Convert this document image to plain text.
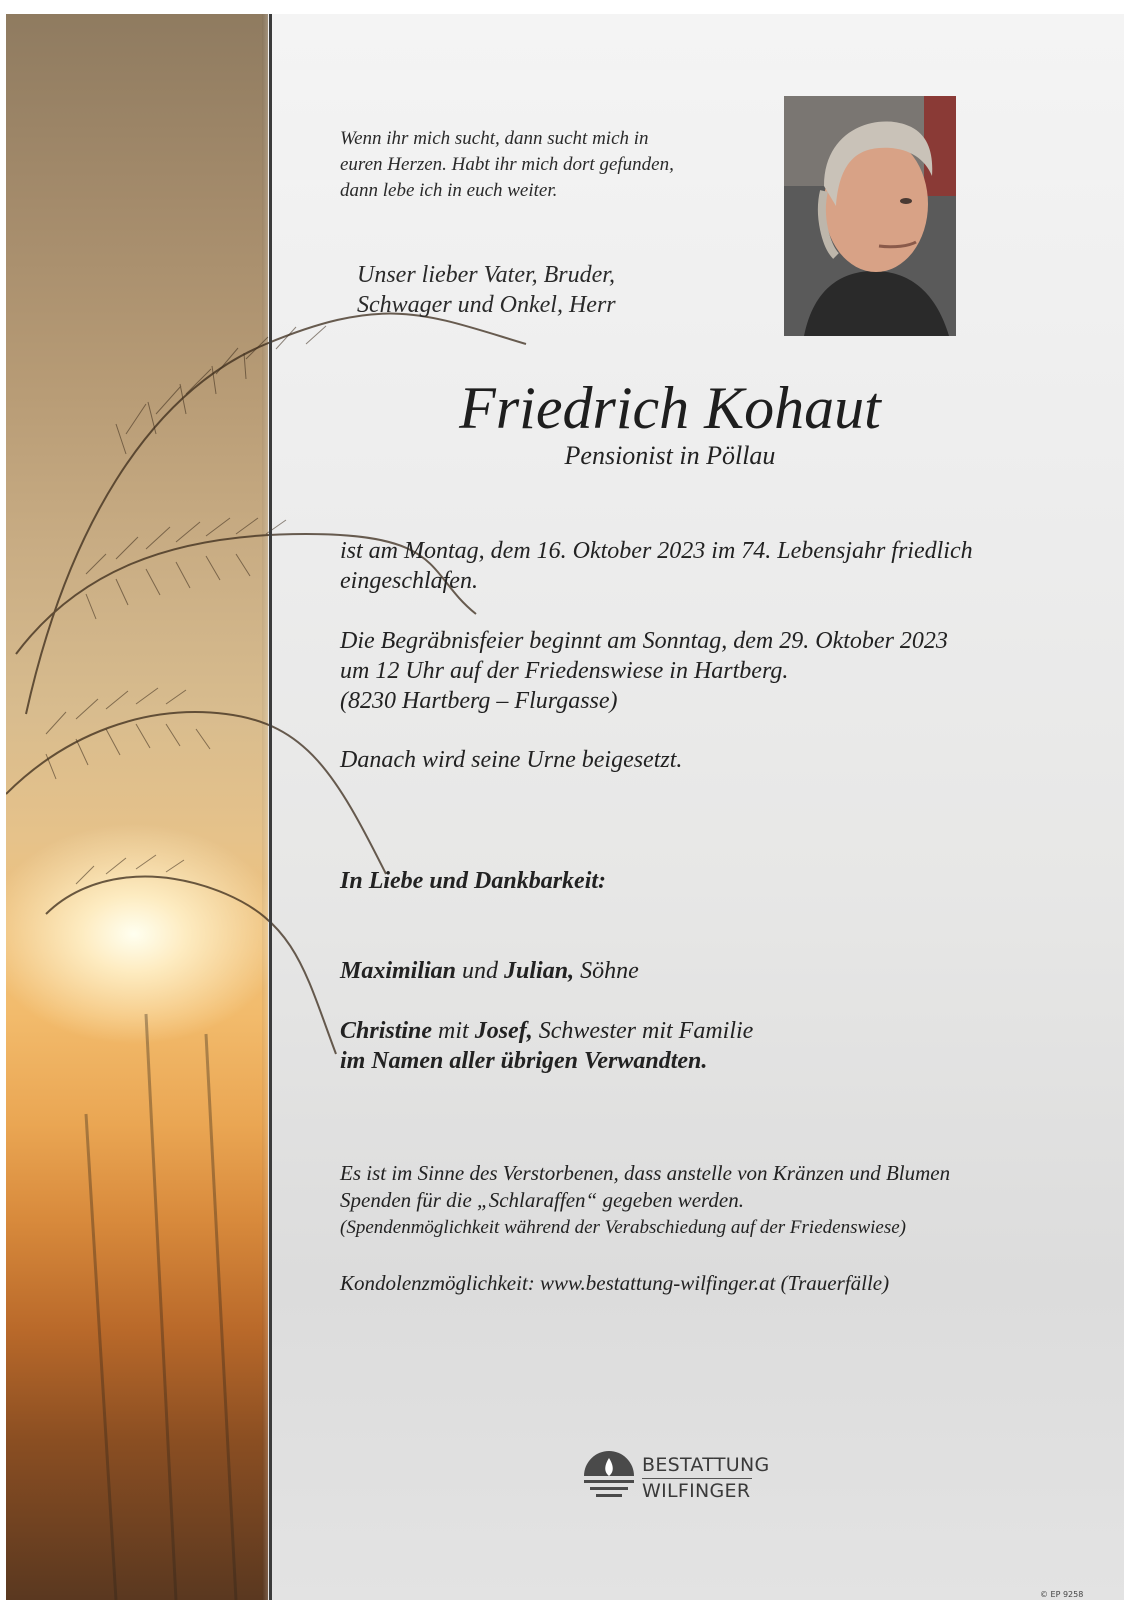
Wenn ihr mich sucht, dann sucht mich in
euren Herzen. Habt ihr mich dort gefunden,
dann lebe ich in euch weiter.
Unser lieber Vater, Bruder,
Schwager und Onkel, Herr
Friedrich Kohaut
Pensionist in Pöllau
ist am Montag, dem 16. Oktober 2023 im 74. Lebensjahr friedlich
eingeschlafen.
Die Begräbnisfeier beginnt am Sonntag, dem 29. Oktober 2023
um 12 Uhr auf der Friedenswiese in Hartberg.
(8230 Hartberg – Flurgasse)
Danach wird seine Urne beigesetzt.
In Liebe und Dankbarkeit:

Maximilian und Julian, Söhne

Christine mit Josef, Schwester mit Familie

im Namen aller übrigen Verwandten.
Es ist im Sinne des Verstorbenen, dass anstelle von Kränzen und Blumen
Spenden für die „Schlaraffen“ gegeben werden.
(Spendenmöglichkeit während der Verabschiedung auf der Friedenswiese)
Kondolenzmöglichkeit: www.bestattung-wilfinger.at (Trauerfälle)
BESTATTUNG
WILFINGER
© EP 9258
